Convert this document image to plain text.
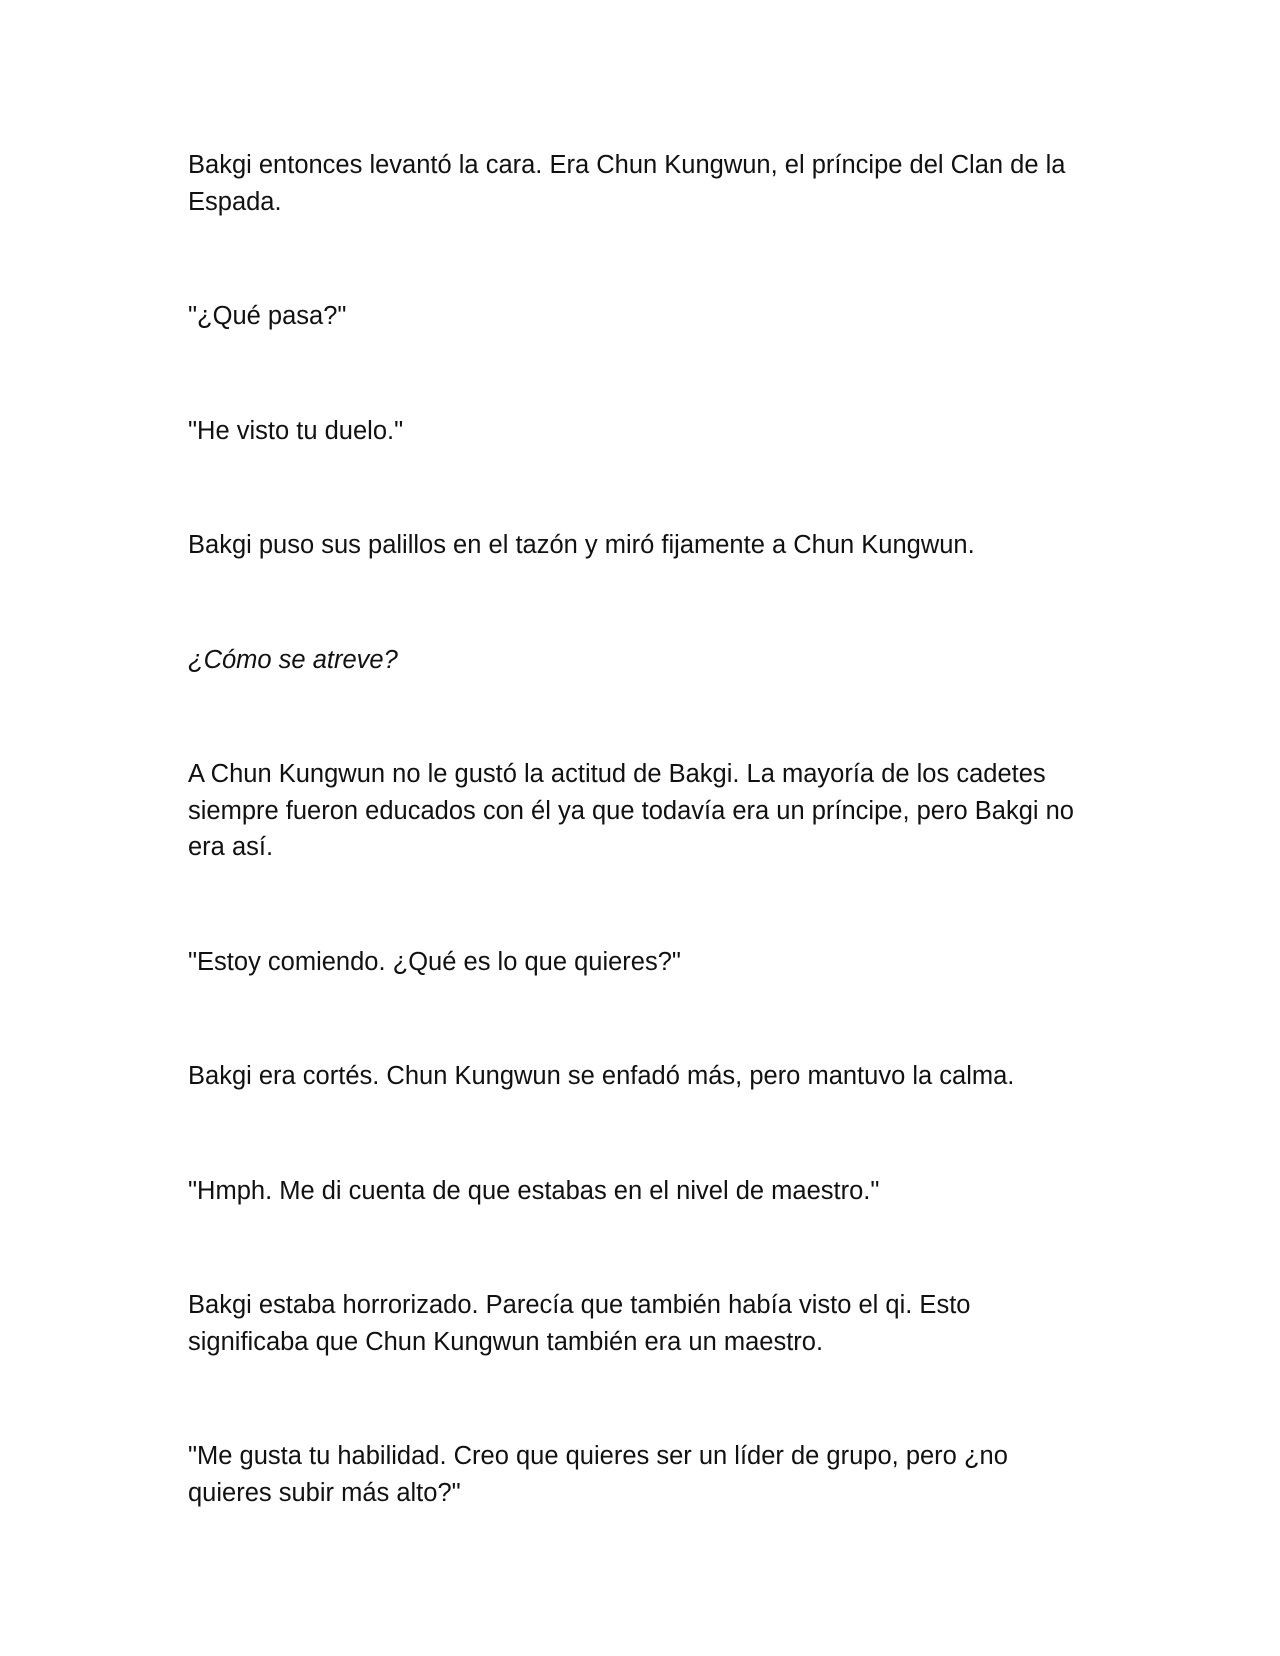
Bakgi entonces levantó la cara. Era Chun Kungwun, el príncipe del Clan de la Espada.

"¿Qué pasa?"

"He visto tu duelo."

Bakgi puso sus palillos en el tazón y miró fijamente a Chun Kungwun.

¿Cómo se atreve?

A Chun Kungwun no le gustó la actitud de Bakgi. La mayoría de los cadetes siempre fueron educados con él ya que todavía era un príncipe, pero Bakgi no era así.

"Estoy comiendo. ¿Qué es lo que quieres?"

Bakgi era cortés. Chun Kungwun se enfadó más, pero mantuvo la calma.

"Hmph. Me di cuenta de que estabas en el nivel de maestro."

Bakgi estaba horrorizado. Parecía que también había visto el qi. Esto significaba que Chun Kungwun también era un maestro.

"Me gusta tu habilidad. Creo que quieres ser un líder de grupo, pero ¿no quieres subir más alto?"
